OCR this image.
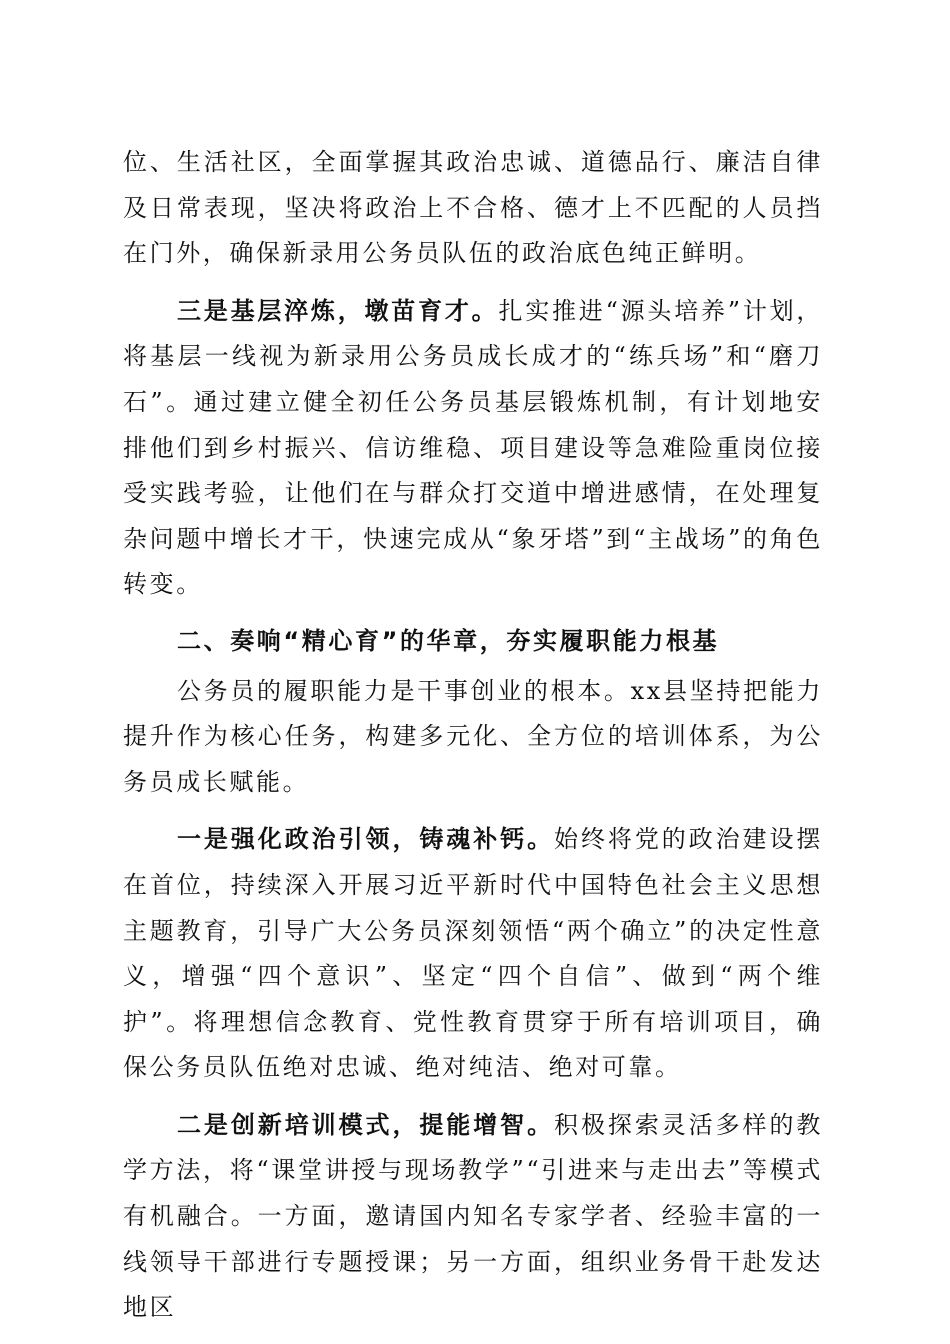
位、生活社区，全面掌握其政治忠诚、道德品行、廉洁自律及日常表现，坚决将政治上不合格、德才上不匹配的人员挡在门外，确保新录用公务员队伍的政治底色纯正鲜明。

三是基层淬炼，墩苗育才。扎实推进“源头培养”计划，将基层一线视为新录用公务员成长成才的“练兵场”和“磨刀石”。通过建立健全初任公务员基层锻炼机制，有计划地安排他们到乡村振兴、信访维稳、项目建设等急难险重岗位接受实践考验，让他们在与群众打交道中增进感情，在处理复杂问题中增长才干，快速完成从“象牙塔”到“主战场”的角色转变。

二、奏响“精心育”的华章，夯实履职能力根基

公务员的履职能力是干事创业的根本。xx县坚持把能力提升作为核心任务，构建多元化、全方位的培训体系，为公务员成长赋能。

一是强化政治引领，铸魂补钙。始终将党的政治建设摆在首位，持续深入开展习近平新时代中国特色社会主义思想主题教育，引导广大公务员深刻领悟“两个确立”的决定性意义，增强“四个意识”、坚定“四个自信”、做到“两个维护”。将理想信念教育、党性教育贯穿于所有培训项目，确保公务员队伍绝对忠诚、绝对纯洁、绝对可靠。

二是创新培训模式，提能增智。积极探索灵活多样的教学方法，将“课堂讲授与现场教学”“引进来与走出去”等模式有机融合。一方面，邀请国内知名专家学者、经验丰富的一线领导干部进行专题授课；另一方面，组织业务骨干赴发达地区
